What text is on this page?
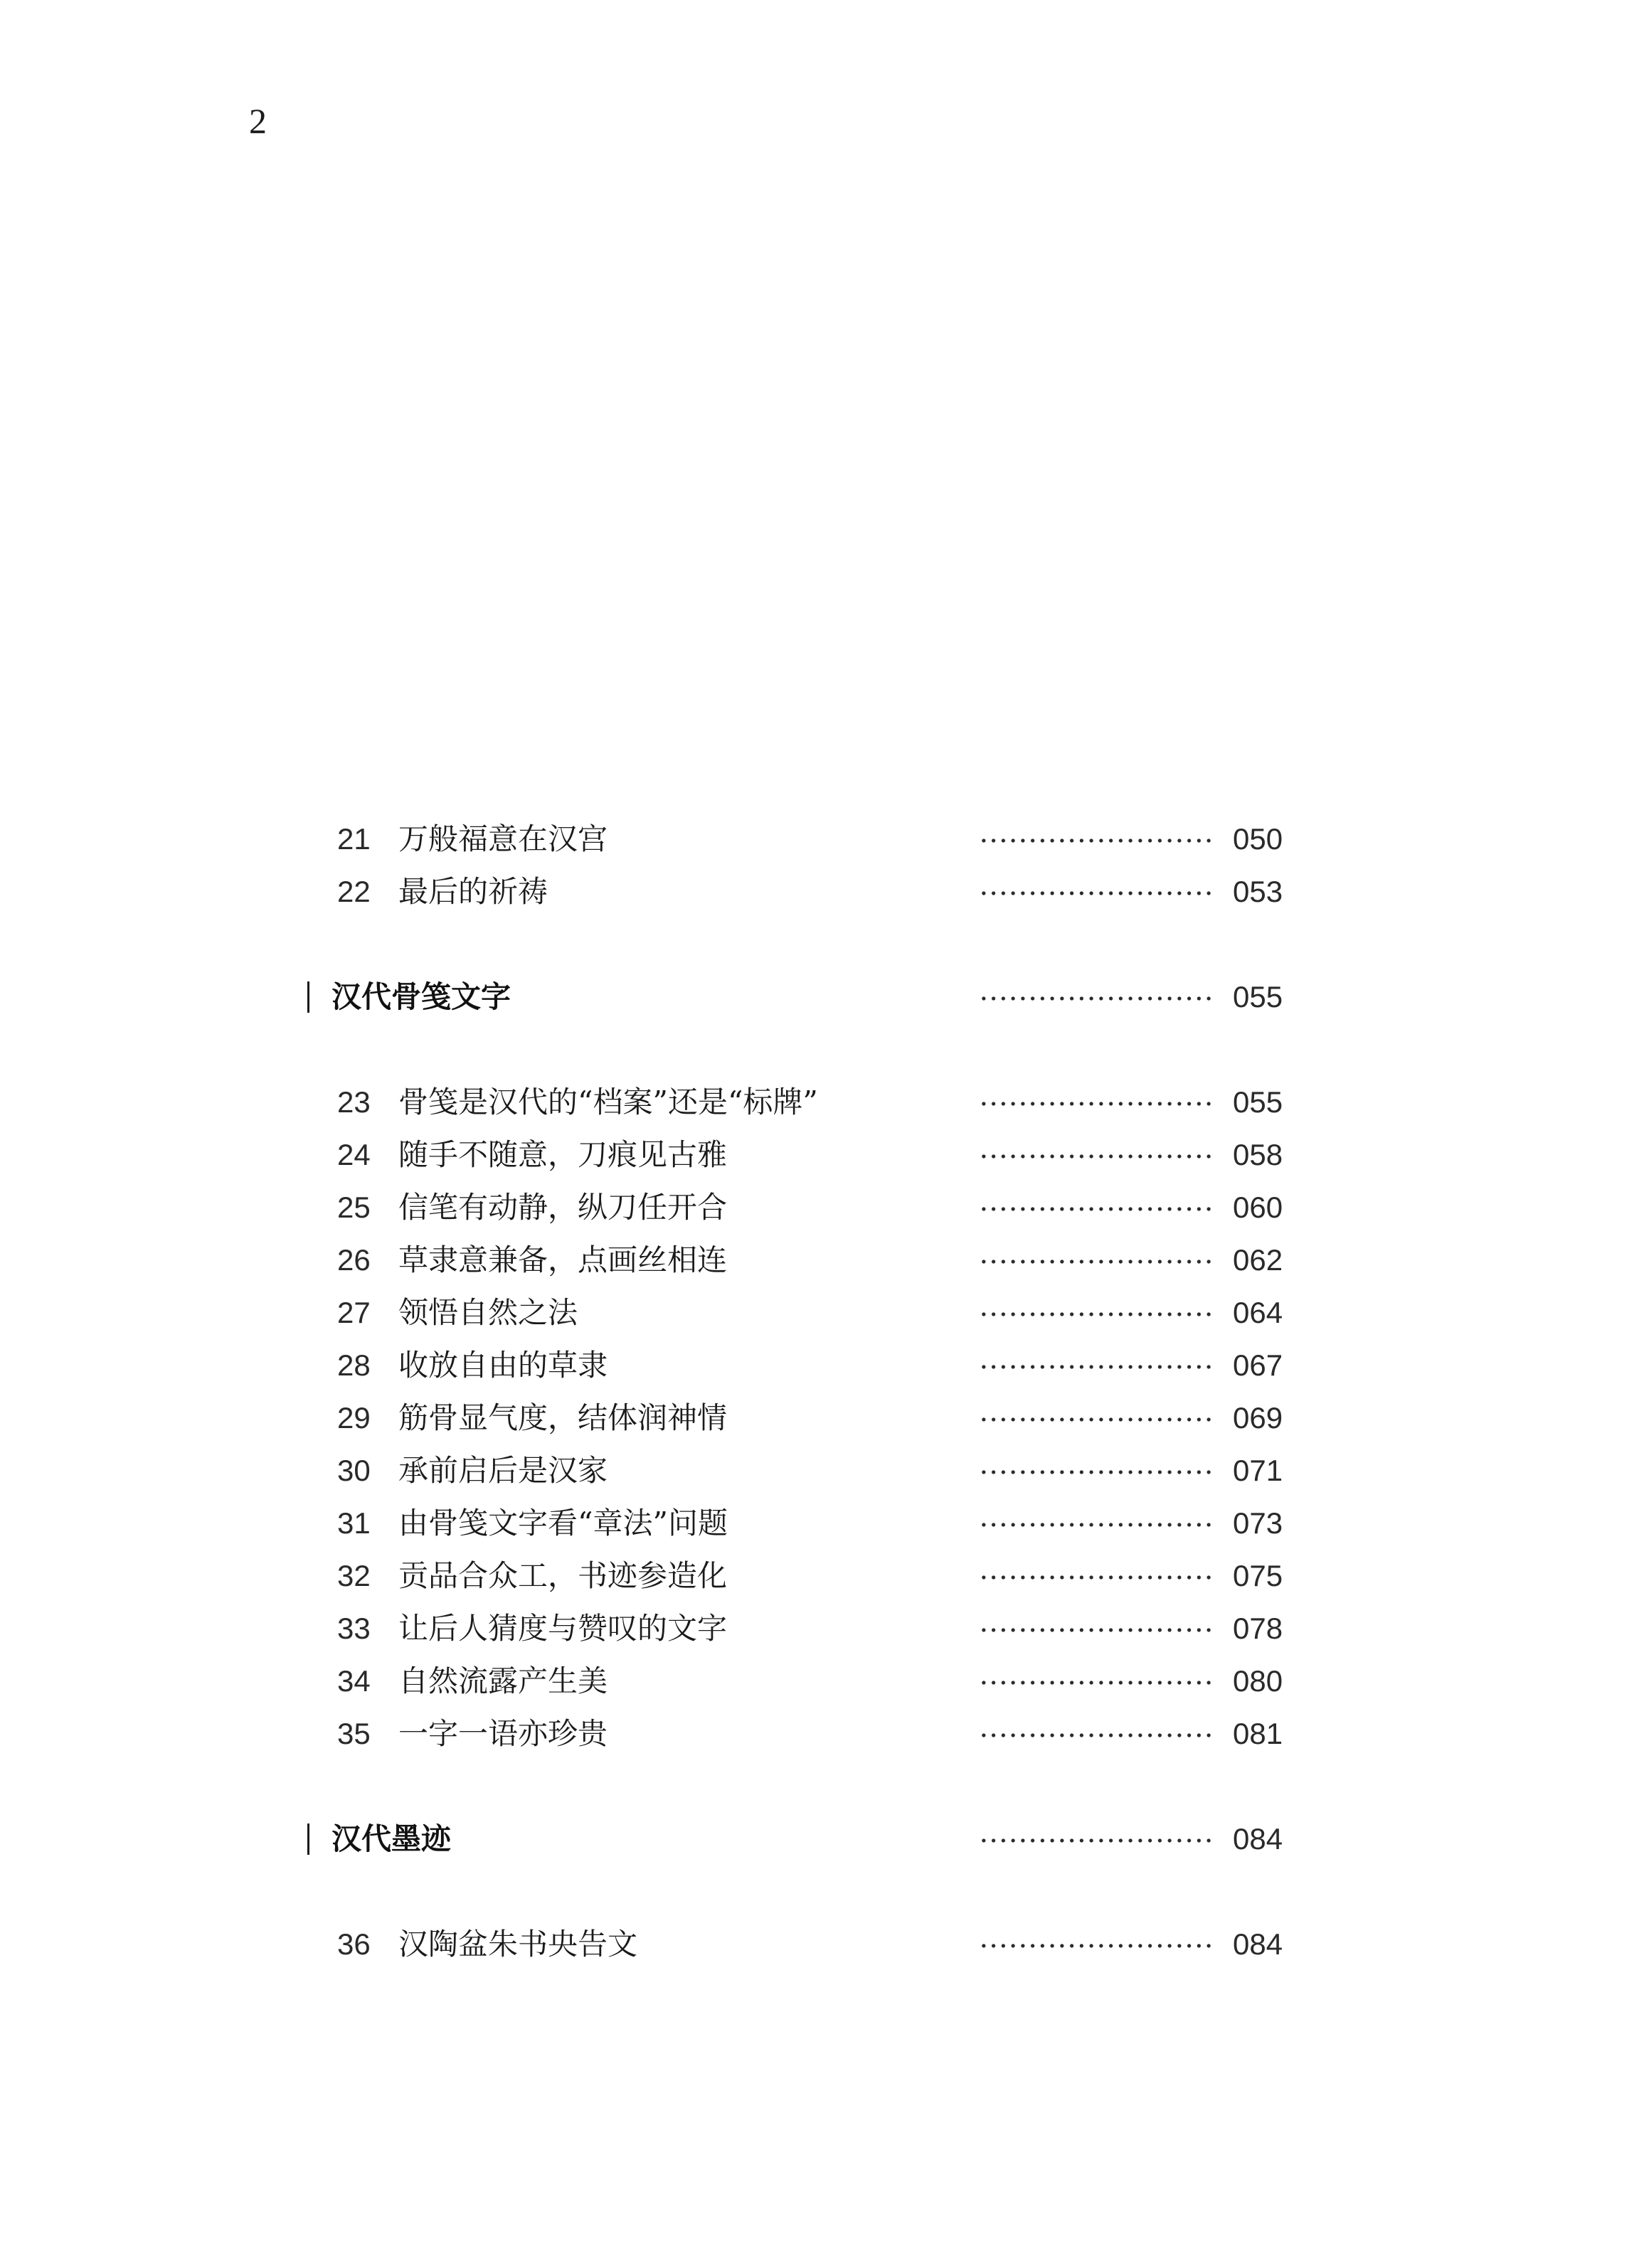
2
21 万般福意在汉宫	050
22 最后的祈祷	053
汉代骨笺文字	055
23 骨笺是汉代的“档案”还是“标牌”	055
24 随手不随意，刀痕见古雅	058
25 信笔有动静，纵刀任开合	060
26 草隶意兼备，点画丝相连	062
27 领悟自然之法	064
28 收放自由的草隶	067
29 筋骨显气度，结体润神情	069
30 承前启后是汉家	071
31 由骨笺文字看“章法”问题	073
32 贡品合众工，书迹参造化	075
33 让后人猜度与赞叹的文字	078
34 自然流露产生美	080
35 一字一语亦珍贵	081
汉代墨迹	084
36 汉陶盆朱书央告文	084
